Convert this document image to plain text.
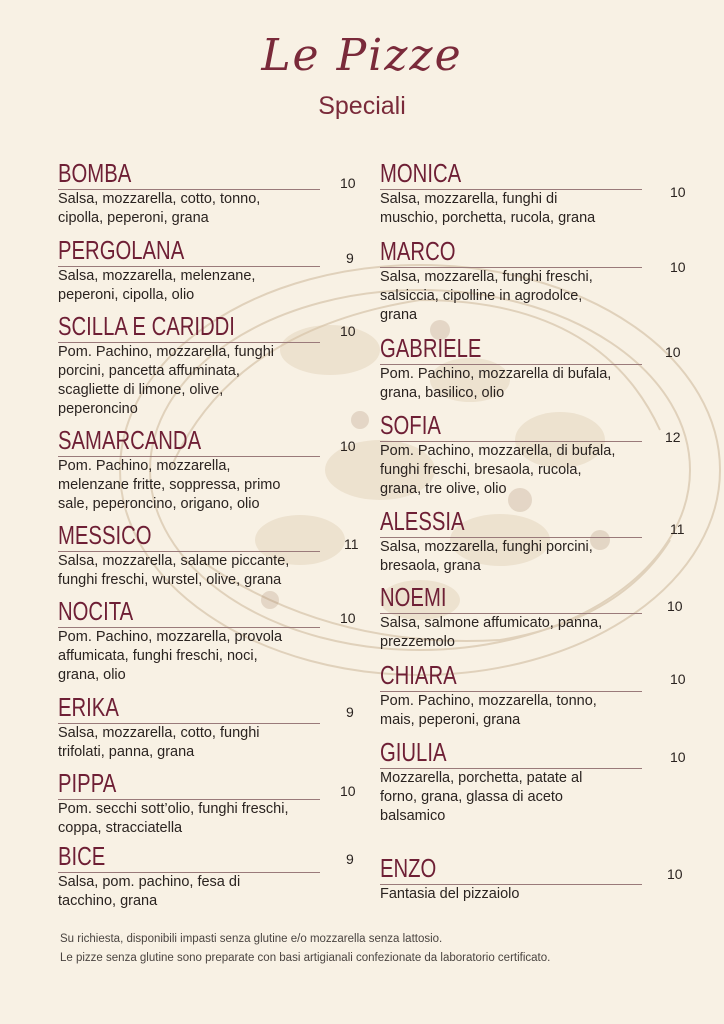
Le Pizze
Speciali
BOMBA
Salsa, mozzarella, cotto, tonno,
cipolla, peperoni, grana
10
PERGOLANA
Salsa, mozzarella, melenzane,
peperoni, cipolla, olio
9
SCILLA E CARIDDI
Pom. Pachino, mozzarella, funghi
porcini, pancetta affuminata,
scagliette di limone, olive,
peperoncino
10
SAMARCANDA
Pom. Pachino, mozzarella,
melenzane fritte, soppressa, primo
sale, peperoncino, origano, olio
10
MESSICO
Salsa, mozzarella, salame piccante,
funghi freschi, wurstel, olive, grana
11
NOCITA
Pom. Pachino, mozzarella, provola
affumicata, funghi freschi, noci,
grana, olio
10
ERIKA
Salsa, mozzarella, cotto, funghi
trifolati, panna, grana
9
PIPPA
Pom. secchi sott’olio, funghi freschi,
coppa, stracciatella
10
BICE
Salsa, pom. pachino, fesa di
tacchino, grana
9
MONICA
Salsa, mozzarella, funghi di
muschio, porchetta, rucola, grana
10
MARCO
Salsa, mozzarella, funghi freschi,
salsiccia, cipolline in agrodolce,
grana
10
GABRIELE
Pom. Pachino, mozzarella di bufala,
grana, basilico, olio
10
SOFIA
Pom. Pachino, mozzarella, di bufala,
funghi freschi, bresaola, rucola,
grana, tre olive, olio
12
ALESSIA
Salsa, mozzarella, funghi porcini,
bresaola, grana
11
NOEMI
Salsa, salmone affumicato, panna,
prezzemolo
10
CHIARA
Pom. Pachino, mozzarella, tonno,
mais, peperoni, grana
10
GIULIA
Mozzarella, porchetta, patate al
forno, grana, glassa di aceto
balsamico
10
ENZO
Fantasia del pizzaiolo
10
Su richiesta, disponibili impasti senza glutine e/o mozzarella senza lattosio.
Le pizze senza glutine sono preparate con basi artigianali confezionate da laboratorio certificato.
